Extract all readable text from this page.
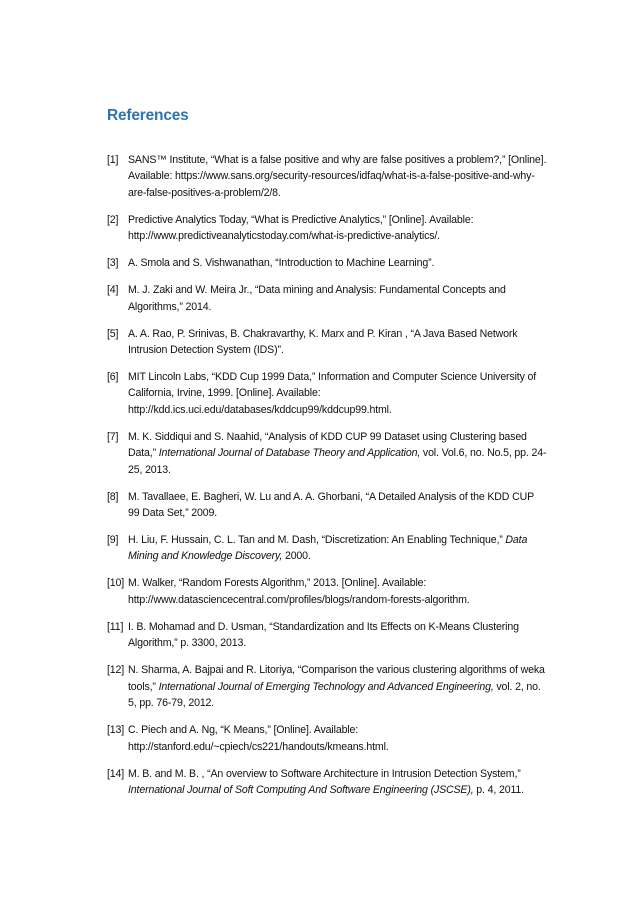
References
[1] SANS™ Institute, “What is a false positive and why are false positives a problem?,” [Online]. Available: https://www.sans.org/security-resources/idfaq/what-is-a-false-positive-and-why-are-false-positives-a-problem/2/8.
[2] Predictive Analytics Today, “What is Predictive Analytics,” [Online]. Available: http://www.predictiveanalyticstoday.com/what-is-predictive-analytics/.
[3] A. Smola and S. Vishwanathan, “Introduction to Machine Learning”.
[4] M. J. Zaki and W. Meira Jr., “Data mining and Analysis: Fundamental Concepts and Algorithms,” 2014.
[5] A. A. Rao, P. Srinivas, B. Chakravarthy, K. Marx and P. Kiran , “A Java Based Network Intrusion Detection System (IDS)”.
[6] MIT Lincoln Labs, “KDD Cup 1999 Data,” Information and Computer Science University of California, Irvine, 1999. [Online]. Available: http://kdd.ics.uci.edu/databases/kddcup99/kddcup99.html.
[7] M. K. Siddiqui and S. Naahid, “Analysis of KDD CUP 99 Dataset using Clustering based Data,” International Journal of Database Theory and Application, vol. Vol.6, no. No.5, pp. 24-25, 2013.
[8] M. Tavallaee, E. Bagheri, W. Lu and A. A. Ghorbani, “A Detailed Analysis of the KDD CUP 99 Data Set,” 2009.
[9] H. Liu, F. Hussain, C. L. Tan and M. Dash, “Discretization: An Enabling Technique,” Data Mining and Knowledge Discovery, 2000.
[10] M. Walker, “Random Forests Algorithm,” 2013. [Online]. Available: http://www.datasciencecentral.com/profiles/blogs/random-forests-algorithm.
[11] I. B. Mohamad and D. Usman, “Standardization and Its Effects on K-Means Clustering Algorithm,” p. 3300, 2013.
[12] N. Sharma, A. Bajpai and R. Litoriya, “Comparison the various clustering algorithms of weka tools,” International Journal of Emerging Technology and Advanced Engineering, vol. 2, no. 5, pp. 76-79, 2012.
[13] C. Piech and A. Ng, “K Means,” [Online]. Available: http://stanford.edu/~cpiech/cs221/handouts/kmeans.html.
[14] M. B. and M. B. , “An overview to Software Architecture in Intrusion Detection System,” International Journal of Soft Computing And Software Engineering (JSCSE), p. 4, 2011.
